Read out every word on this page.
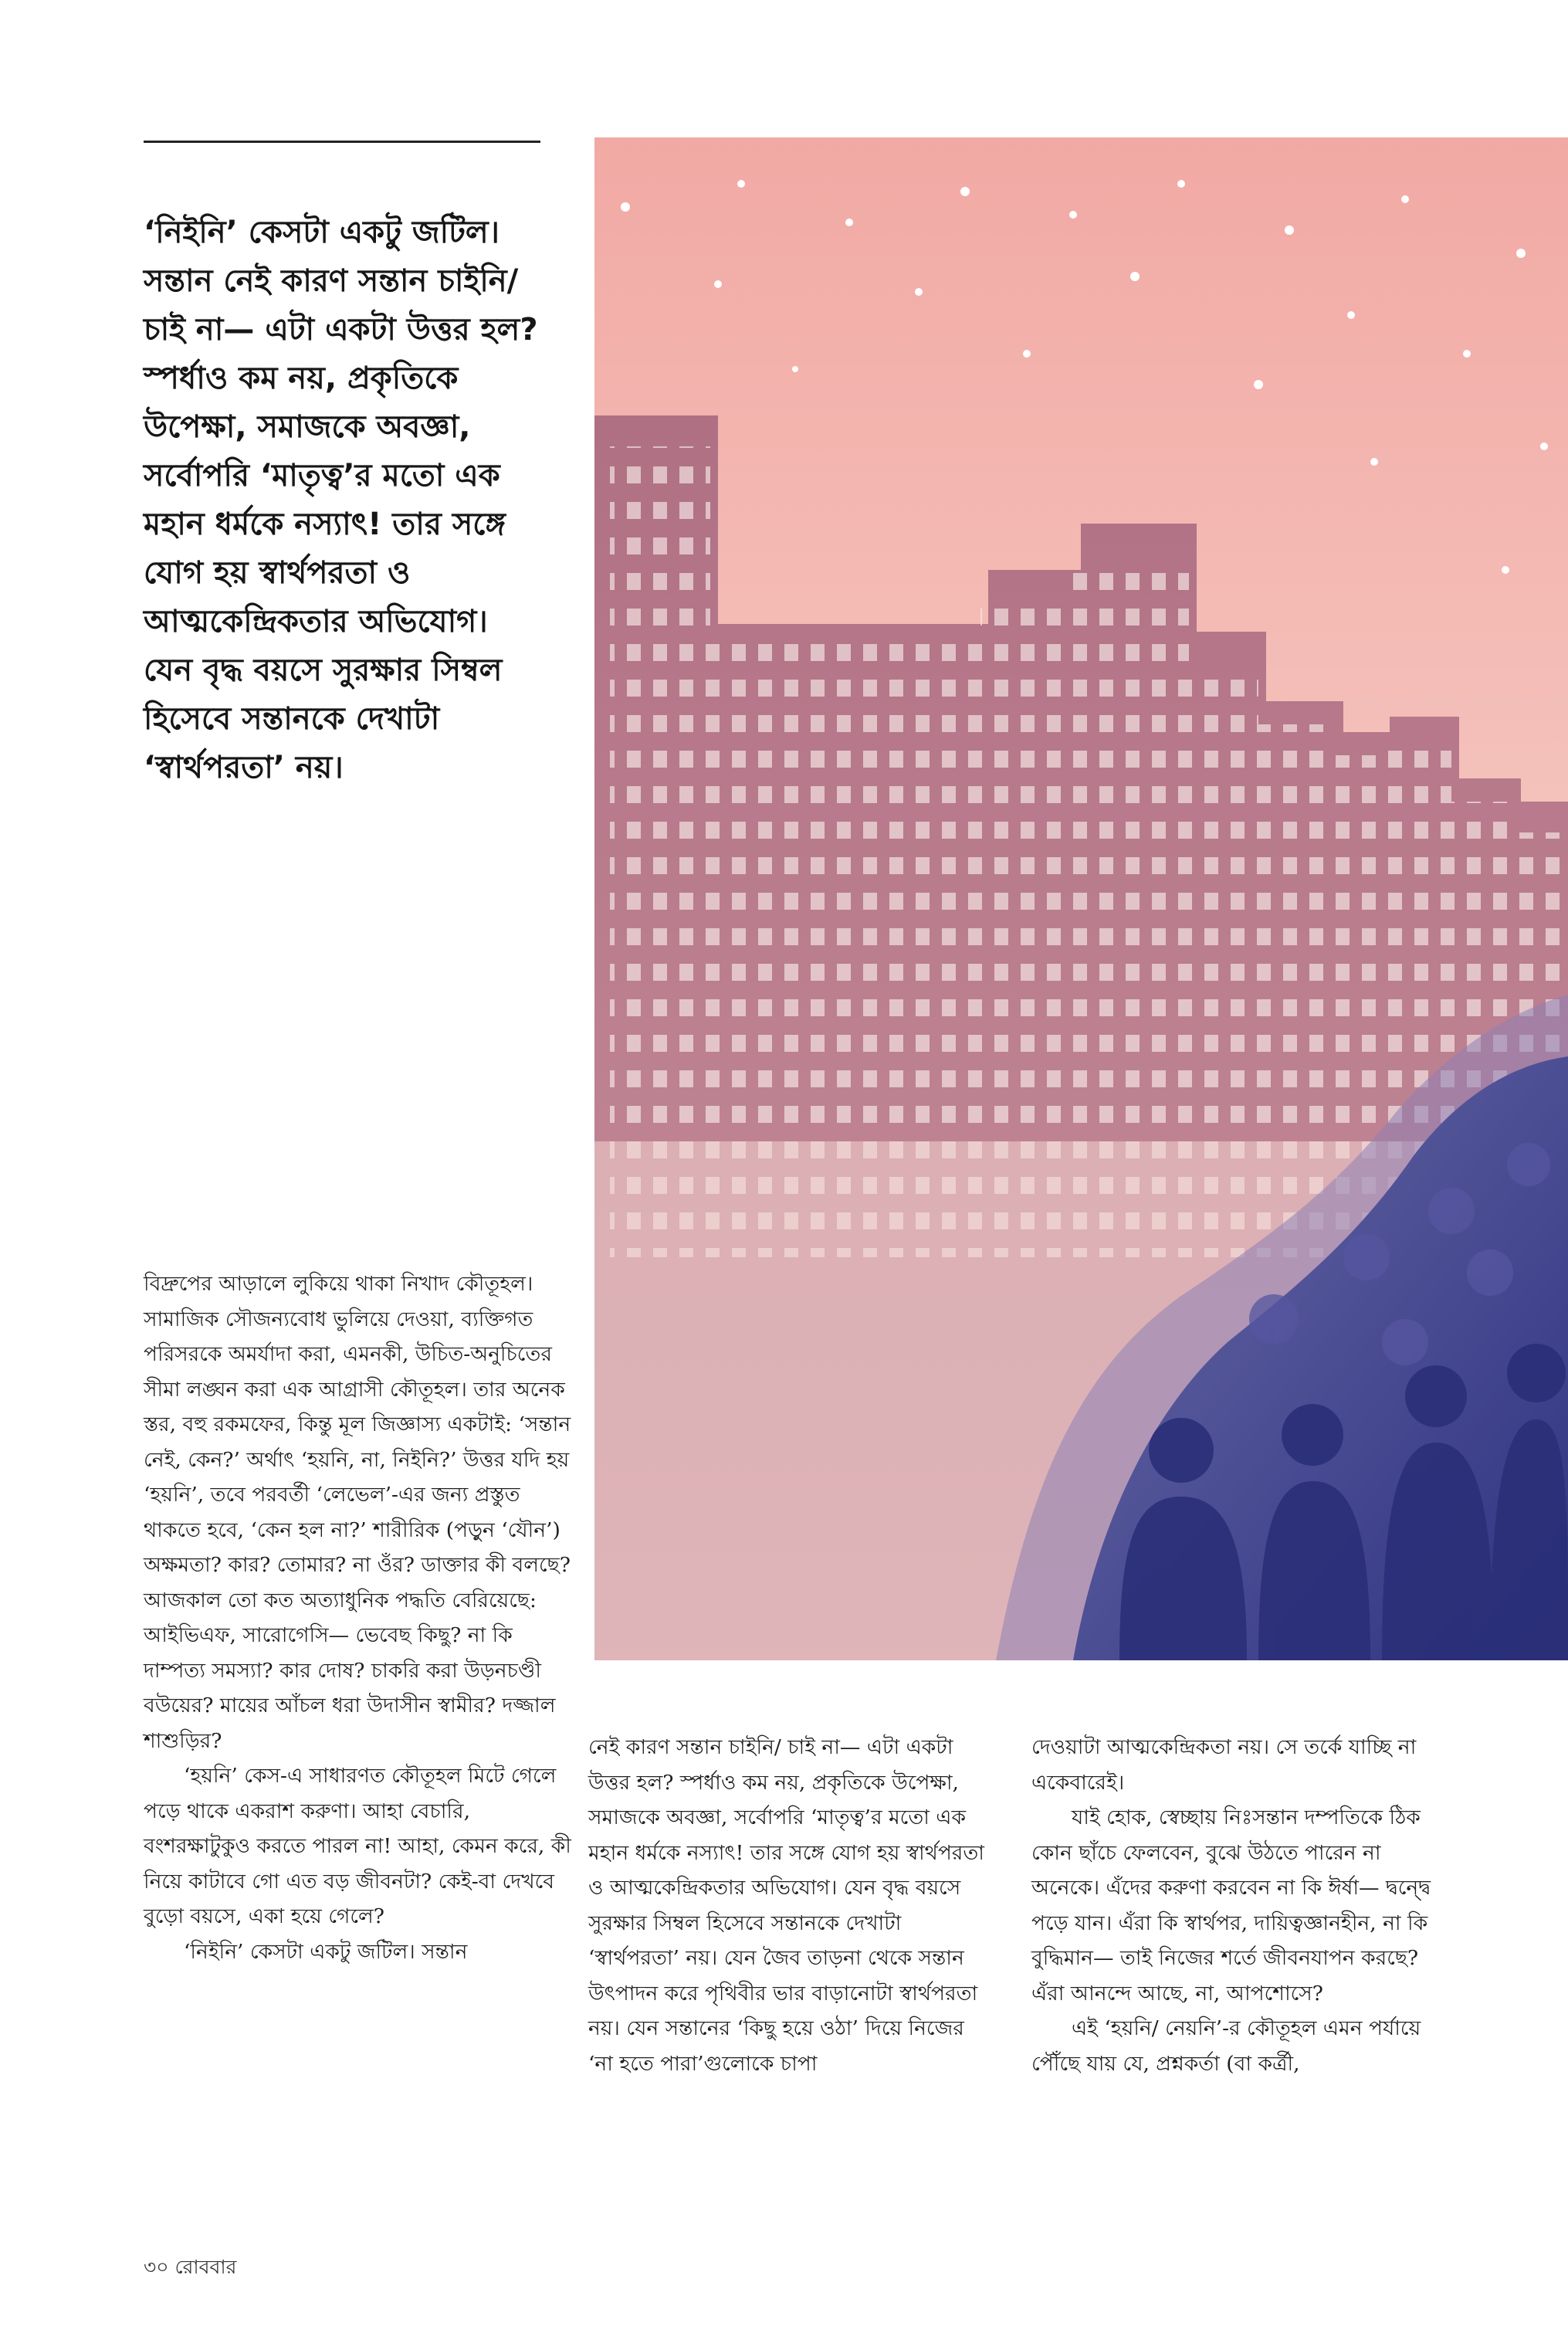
‘নিইনি’ কেসটা একটু জটিল। সন্তান নেই কারণ সন্তান চাইনি/ চাই না— এটা একটা উত্তর হল? স্পর্ধাও কম নয়, প্রকৃতিকে উপেক্ষা, সমাজকে অবজ্ঞা, সর্বোপরি ‘মাতৃত্ব’র মতো এক মহান ধর্মকে নস্যাৎ! তার সঙ্গে যোগ হয় স্বার্থপরতা ও আত্মকেন্দ্রিকতার অভিযোগ। যেন বৃদ্ধ বয়সে সুরক্ষার সিম্বল হিসেবে সন্তানকে দেখাটা ‘স্বার্থপরতা’ নয়।

বিদ্রুপের আড়ালে লুকিয়ে থাকা নিখাদ কৌতূহল। সামাজিক সৌজন্যবোধ ভুলিয়ে দেওয়া, ব্যক্তিগত পরিসরকে অমর্যাদা করা, এমনকী, উচিত-অনুচিতের সীমা লঙ্ঘন করা এক আগ্রাসী কৌতূহল। তার অনেক স্তর, বহু রকমফের, কিন্তু মূল জিজ্ঞাস্য একটাই: ‘সন্তান নেই, কেন?’ অর্থাৎ ‘হয়নি, না, নিইনি?’ উত্তর যদি হয় ‘হয়নি’, তবে পরবর্তী ‘লেভেল’-এর জন্য প্রস্তুত থাকতে হবে, ‘কেন হল না?’ শারীরিক (পড়ুন ‘যৌন’) অক্ষমতা? কার? তোমার? না ওঁর? ডাক্তার কী বলছে? আজকাল তো কত অত্যাধুনিক পদ্ধতি বেরিয়েছে: আইভিএফ, সারোগেসি— ভেবেছ কিছু? না কি দাম্পত্য সমস্যা? কার দোষ? চাকরি করা উড়নচণ্ডী বউয়ের? মায়ের আঁচল ধরা উদাসীন স্বামীর? দজ্জাল শাশুড়ির?

‘হয়নি’ কেস-এ সাধারণত কৌতূহল মিটে গেলে পড়ে থাকে একরাশ করুণা। আহা বেচারি, বংশরক্ষাটুকুও করতে পারল না! আহা, কেমন করে, কী নিয়ে কাটাবে গো এত বড় জীবনটা? কেই-বা দেখবে বুড়ো বয়সে, একা হয়ে গেলে?

‘নিইনি’ কেসটা একটু জটিল। সন্তান

নেই কারণ সন্তান চাইনি/ চাই না— এটা একটা উত্তর হল? স্পর্ধাও কম নয়, প্রকৃতিকে উপেক্ষা, সমাজকে অবজ্ঞা, সর্বোপরি ‘মাতৃত্ব’র মতো এক মহান ধর্মকে নস্যাৎ! তার সঙ্গে যোগ হয় স্বার্থপরতা ও আত্মকেন্দ্রিকতার অভিযোগ। যেন বৃদ্ধ বয়সে সুরক্ষার সিম্বল হিসেবে সন্তানকে দেখাটা ‘স্বার্থপরতা’ নয়। যেন জৈব তাড়না থেকে সন্তান উৎপাদন করে পৃথিবীর ভার বাড়ানোটা স্বার্থপরতা নয়। যেন সন্তানের ‘কিছু হয়ে ওঠা’ দিয়ে নিজের ‘না হতে পারা’গুলোকে চাপা

দেওয়াটা আত্মকেন্দ্রিকতা নয়। সে তর্কে যাচ্ছি না একেবারেই।

যাই হোক, স্বেচ্ছায় নিঃসন্তান দম্পতিকে ঠিক কোন ছাঁচে ফেলবেন, বুঝে উঠতে পারেন না অনেকে। এঁদের করুণা করবেন না কি ঈর্ষা— দ্বন্দ্বে পড়ে যান। এঁরা কি স্বার্থপর, দায়িত্বজ্ঞানহীন, না কি বুদ্ধিমান— তাই নিজের শর্তে জীবনযাপন করছে? এঁরা আনন্দে আছে, না, আপশোসে?

এই ‘হয়নি/ নেয়নি’-র কৌতূহল এমন পর্যায়ে পৌঁছে যায় যে, প্রশ্নকর্তা (বা কর্ত্রী,

৩০ রোববার
